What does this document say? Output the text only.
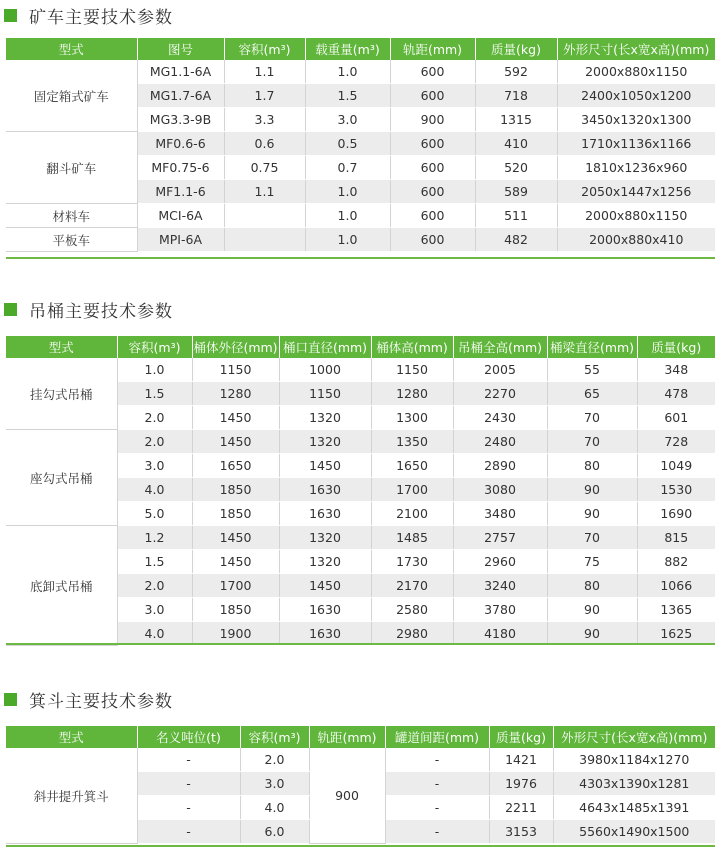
矿车主要技术参数
型式	图号	容积(m³)	载重量(m³)	轨距(mm)	质量(kg)	外形尺寸(长x宽x高)(mm)
固定箱式矿车	MG1.1-6A	1.1	1.0	600	592	2000x880x1150
	MG1.7-6A	1.7	1.5	600	718	2400x1050x1200
	MG3.3-9B	3.3	3.0	900	1315	3450x1320x1300
翻斗矿车	MF0.6-6	0.6	0.5	600	410	1710x1136x1166
	MF0.75-6	0.75	0.7	600	520	1810x1236x960
	MF1.1-6	1.1	1.0	600	589	2050x1447x1256
材料车	MCI-6A		1.0	600	511	2000x880x1150
平板车	MPI-6A		1.0	600	482	2000x880x410
吊桶主要技术参数
型式	容积(m³)	桶体外径(mm)	桶口直径(mm)	桶体高(mm)	吊桶全高(mm)	桶梁直径(mm)	质量(kg)
挂勾式吊桶	1.0	1150	1000	1150	2005	55	348
	1.5	1280	1150	1280	2270	65	478
	2.0	1450	1320	1300	2430	70	601
座勾式吊桶	2.0	1450	1320	1350	2480	70	728
	3.0	1650	1450	1650	2890	80	1049
	4.0	1850	1630	1700	3080	90	1530
	5.0	1850	1630	2100	3480	90	1690
底卸式吊桶	1.2	1450	1320	1485	2757	70	815
	1.5	1450	1320	1730	2960	75	882
	2.0	1700	1450	2170	3240	80	1066
	3.0	1850	1630	2580	3780	90	1365
	4.0	1900	1630	2980	4180	90	1625
箕斗主要技术参数
型式	名义吨位(t)	容积(m³)	轨距(mm)	罐道间距(mm)	质量(kg)	外形尺寸(长x宽x高)(mm)
斜井提升箕斗	-	2.0	900	-	1421	3980x1184x1270
	-	3.0		-	1976	4303x1390x1281
	-	4.0		-	2211	4643x1485x1391
	-	6.0		-	3153	5560x1490x1500
